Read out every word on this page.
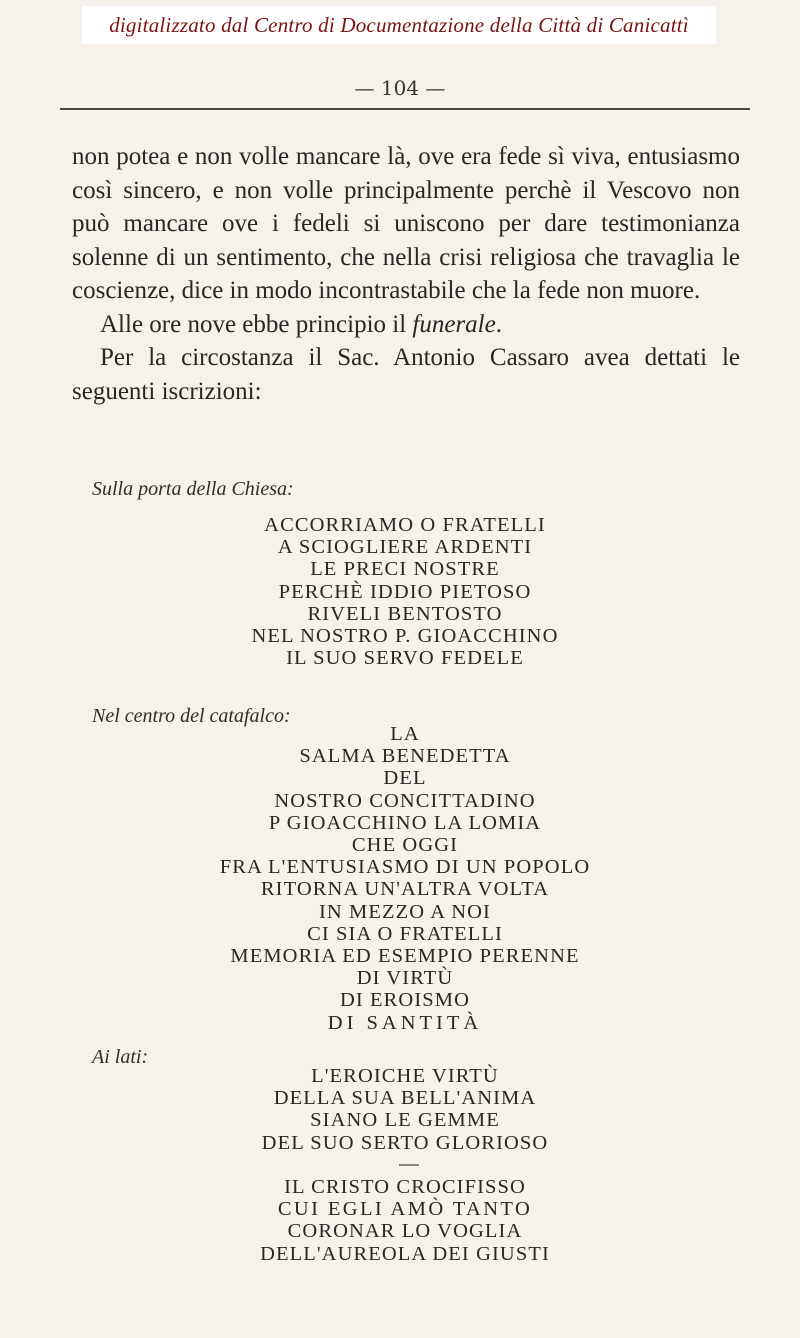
digitalizzato dal Centro di Documentazione della Città di Canicattì
— 104 —

non potea e non volle mancare là, ove era fede sì viva, entusiasmo così sincero, e non volle principalmente perchè il Vescovo non può mancare ove i fedeli si uniscono per dare testimonianza solenne di un sentimento, che nella crisi religiosa che travaglia le coscienze, dice in modo incontrastabile che la fede non muore.

Alle ore nove ebbe principio il funerale.

Per la circostanza il Sac. Antonio Cassaro avea dettati le seguenti iscrizioni:

Sulla porta della Chiesa:
ACCORRIAMO O FRATELLI
A SCIOGLIERE ARDENTI
LE PRECI NOSTRE
PERCHÈ IDDIO PIETOSO
RIVELI BENTOSTO
NEL NOSTRO P. GIOACCHINO
IL SUO SERVO FEDELE
Nel centro del catafalco:
LA
SALMA BENEDETTA
DEL
NOSTRO CONCITTADINO
P GIOACCHINO LA LOMIA
CHE OGGI
FRA L'ENTUSIASMO DI UN POPOLO
RITORNA UN'ALTRA VOLTA
IN MEZZO A NOI
CI SIA O FRATELLI
MEMORIA ED ESEMPIO PERENNE
DI VIRTÙ
DI EROISMO
DI SANTITÀ
Ai lati:
L'EROICHE VIRTÙ
DELLA SUA BELL'ANIMA
SIANO LE GEMME
DEL SUO SERTO GLORIOSO
IL CRISTO CROCIFISSO
CUI EGLI AMÒ TANTO
CORONAR LO VOGLIA
DELL'AUREOLA DEI GIUSTI
